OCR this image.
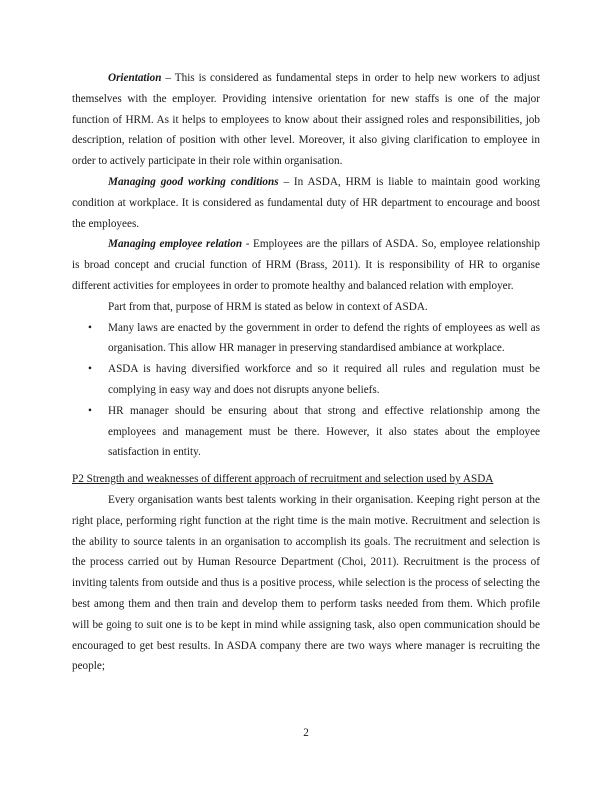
Orientation – This is considered as fundamental steps in order to help new workers to adjust themselves with the employer. Providing intensive orientation for new staffs is one of the major function of HRM. As it helps to employees to know about their assigned roles and responsibilities, job description, relation of position with other level. Moreover, it also giving clarification to employee in order to actively participate in their role within organisation.

Managing good working conditions – In ASDA, HRM is liable to maintain good working condition at workplace. It is considered as fundamental duty of HR department to encourage and boost the employees.

Managing employee relation - Employees are the pillars of ASDA. So, employee relationship is broad concept and crucial function of HRM (Brass, 2011). It is responsibility of HR to organise different activities for employees in order to promote healthy and balanced relation with employer.

Part from that, purpose of HRM is stated as below in context of ASDA.

• Many laws are enacted by the government in order to defend the rights of employees as well as organisation. This allow HR manager in preserving standardised ambiance at workplace.
• ASDA is having diversified workforce and so it required all rules and regulation must be complying in easy way and does not disrupts anyone beliefs.
• HR manager should be ensuring about that strong and effective relationship among the employees and management must be there. However, it also states about the employee satisfaction in entity.

P2 Strength and weaknesses of different approach of recruitment and selection used by ASDA

Every organisation wants best talents working in their organisation. Keeping right person at the right place, performing right function at the right time is the main motive. Recruitment and selection is the ability to source talents in an organisation to accomplish its goals. The recruitment and selection is the process carried out by Human Resource Department (Choi, 2011). Recruitment is the process of inviting talents from outside and thus is a positive process, while selection is the process of selecting the best among them and then train and develop them to perform tasks needed from them. Which profile will be going to suit one is to be kept in mind while assigning task, also open communication should be encouraged to get best results. In ASDA company there are two ways where manager is recruiting the people;

2
